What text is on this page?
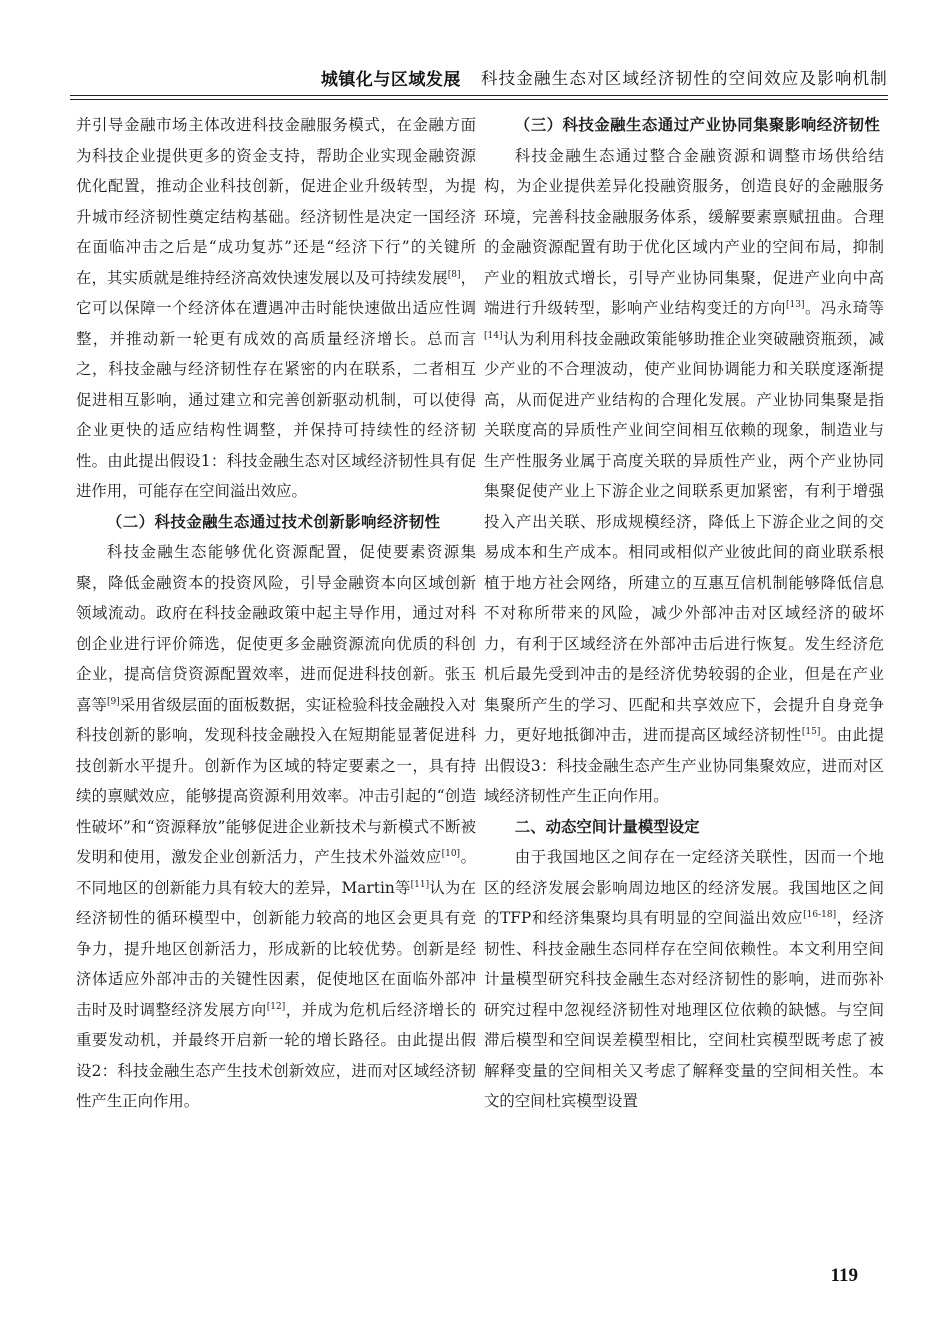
城镇化与区域发展 科技金融生态对区域经济韧性的空间效应及影响机制

并引导金融市场主体改进科技金融服务模式，在金融方面为科技企业提供更多的资金支持，帮助企业实现金融资源优化配置，推动企业科技创新，促进企业升级转型，为提升城市经济韧性奠定结构基础。经济韧性是决定一国经济在面临冲击之后是“成功复苏”还是“经济下行”的关键所在，其实质就是维持经济高效快速发展以及可持续发展[8]，它可以保障一个经济体在遭遇冲击时能快速做出适应性调整，并推动新一轮更有成效的高质量经济增长。总而言之，科技金融与经济韧性存在紧密的内在联系，二者相互促进相互影响，通过建立和完善创新驱动机制，可以使得企业更快的适应结构性调整，并保持可持续性的经济韧性。由此提出假设1：科技金融生态对区域经济韧性具有促进作用，可能存在空间溢出效应。

（二）科技金融生态通过技术创新影响经济韧性

科技金融生态能够优化资源配置，促使要素资源集聚，降低金融资本的投资风险，引导金融资本向区域创新领域流动。政府在科技金融政策中起主导作用，通过对科创企业进行评价筛选，促使更多金融资源流向优质的科创企业，提高信贷资源配置效率，进而促进科技创新。张玉喜等[9]采用省级层面的面板数据，实证检验科技金融投入对科技创新的影响，发现科技金融投入在短期能显著促进科技创新水平提升。创新作为区域的特定要素之一，具有持续的禀赋效应，能够提高资源利用效率。冲击引起的“创造性破坏”和“资源释放”能够促进企业新技术与新模式不断被发明和使用，激发企业创新活力，产生技术外溢效应[10]。不同地区的创新能力具有较大的差异，Martin等[11]认为在经济韧性的循环模型中，创新能力较高的地区会更具有竞争力，提升地区创新活力，形成新的比较优势。创新是经济体适应外部冲击的关键性因素，促使地区在面临外部冲击时及时调整经济发展方向[12]，并成为危机后经济增长的重要发动机，并最终开启新一轮的增长路径。由此提出假设2：科技金融生态产生技术创新效应，进而对区域经济韧性产生正向作用。

（三）科技金融生态通过产业协同集聚影响经济韧性

科技金融生态通过整合金融资源和调整市场供给结构，为企业提供差异化投融资服务，创造良好的金融服务环境，完善科技金融服务体系，缓解要素禀赋扭曲。合理的金融资源配置有助于优化区域内产业的空间布局，抑制产业的粗放式增长，引导产业协同集聚，促进产业向中高端进行升级转型，影响产业结构变迁的方向[13]。冯永琦等[14]认为利用科技金融政策能够助推企业突破融资瓶颈，减少产业的不合理波动，使产业间协调能力和关联度逐渐提高，从而促进产业结构的合理化发展。产业协同集聚是指关联度高的异质性产业间空间相互依赖的现象，制造业与生产性服务业属于高度关联的异质性产业，两个产业协同集聚促使产业上下游企业之间联系更加紧密，有利于增强投入产出关联、形成规模经济，降低上下游企业之间的交易成本和生产成本。相同或相似产业彼此间的商业联系根植于地方社会网络，所建立的互惠互信机制能够降低信息不对称所带来的风险，减少外部冲击对区域经济的破坏力，有利于区域经济在外部冲击后进行恢复。发生经济危机后最先受到冲击的是经济优势较弱的企业，但是在产业集聚所产生的学习、匹配和共享效应下，会提升自身竞争力，更好地抵御冲击，进而提高区域经济韧性[15]。由此提出假设3：科技金融生态产生产业协同集聚效应，进而对区域经济韧性产生正向作用。

二、动态空间计量模型设定

由于我国地区之间存在一定经济关联性，因而一个地区的经济发展会影响周边地区的经济发展。我国地区之间的TFP和经济集聚均具有明显的空间溢出效应[16-18]，经济韧性、科技金融生态同样存在空间依赖性。本文利用空间计量模型研究科技金融生态对经济韧性的影响，进而弥补研究过程中忽视经济韧性对地理区位依赖的缺憾。与空间滞后模型和空间误差模型相比，空间杜宾模型既考虑了被解释变量的空间相关又考虑了解释变量的空间相关性。本文的空间杜宾模型设置

119
